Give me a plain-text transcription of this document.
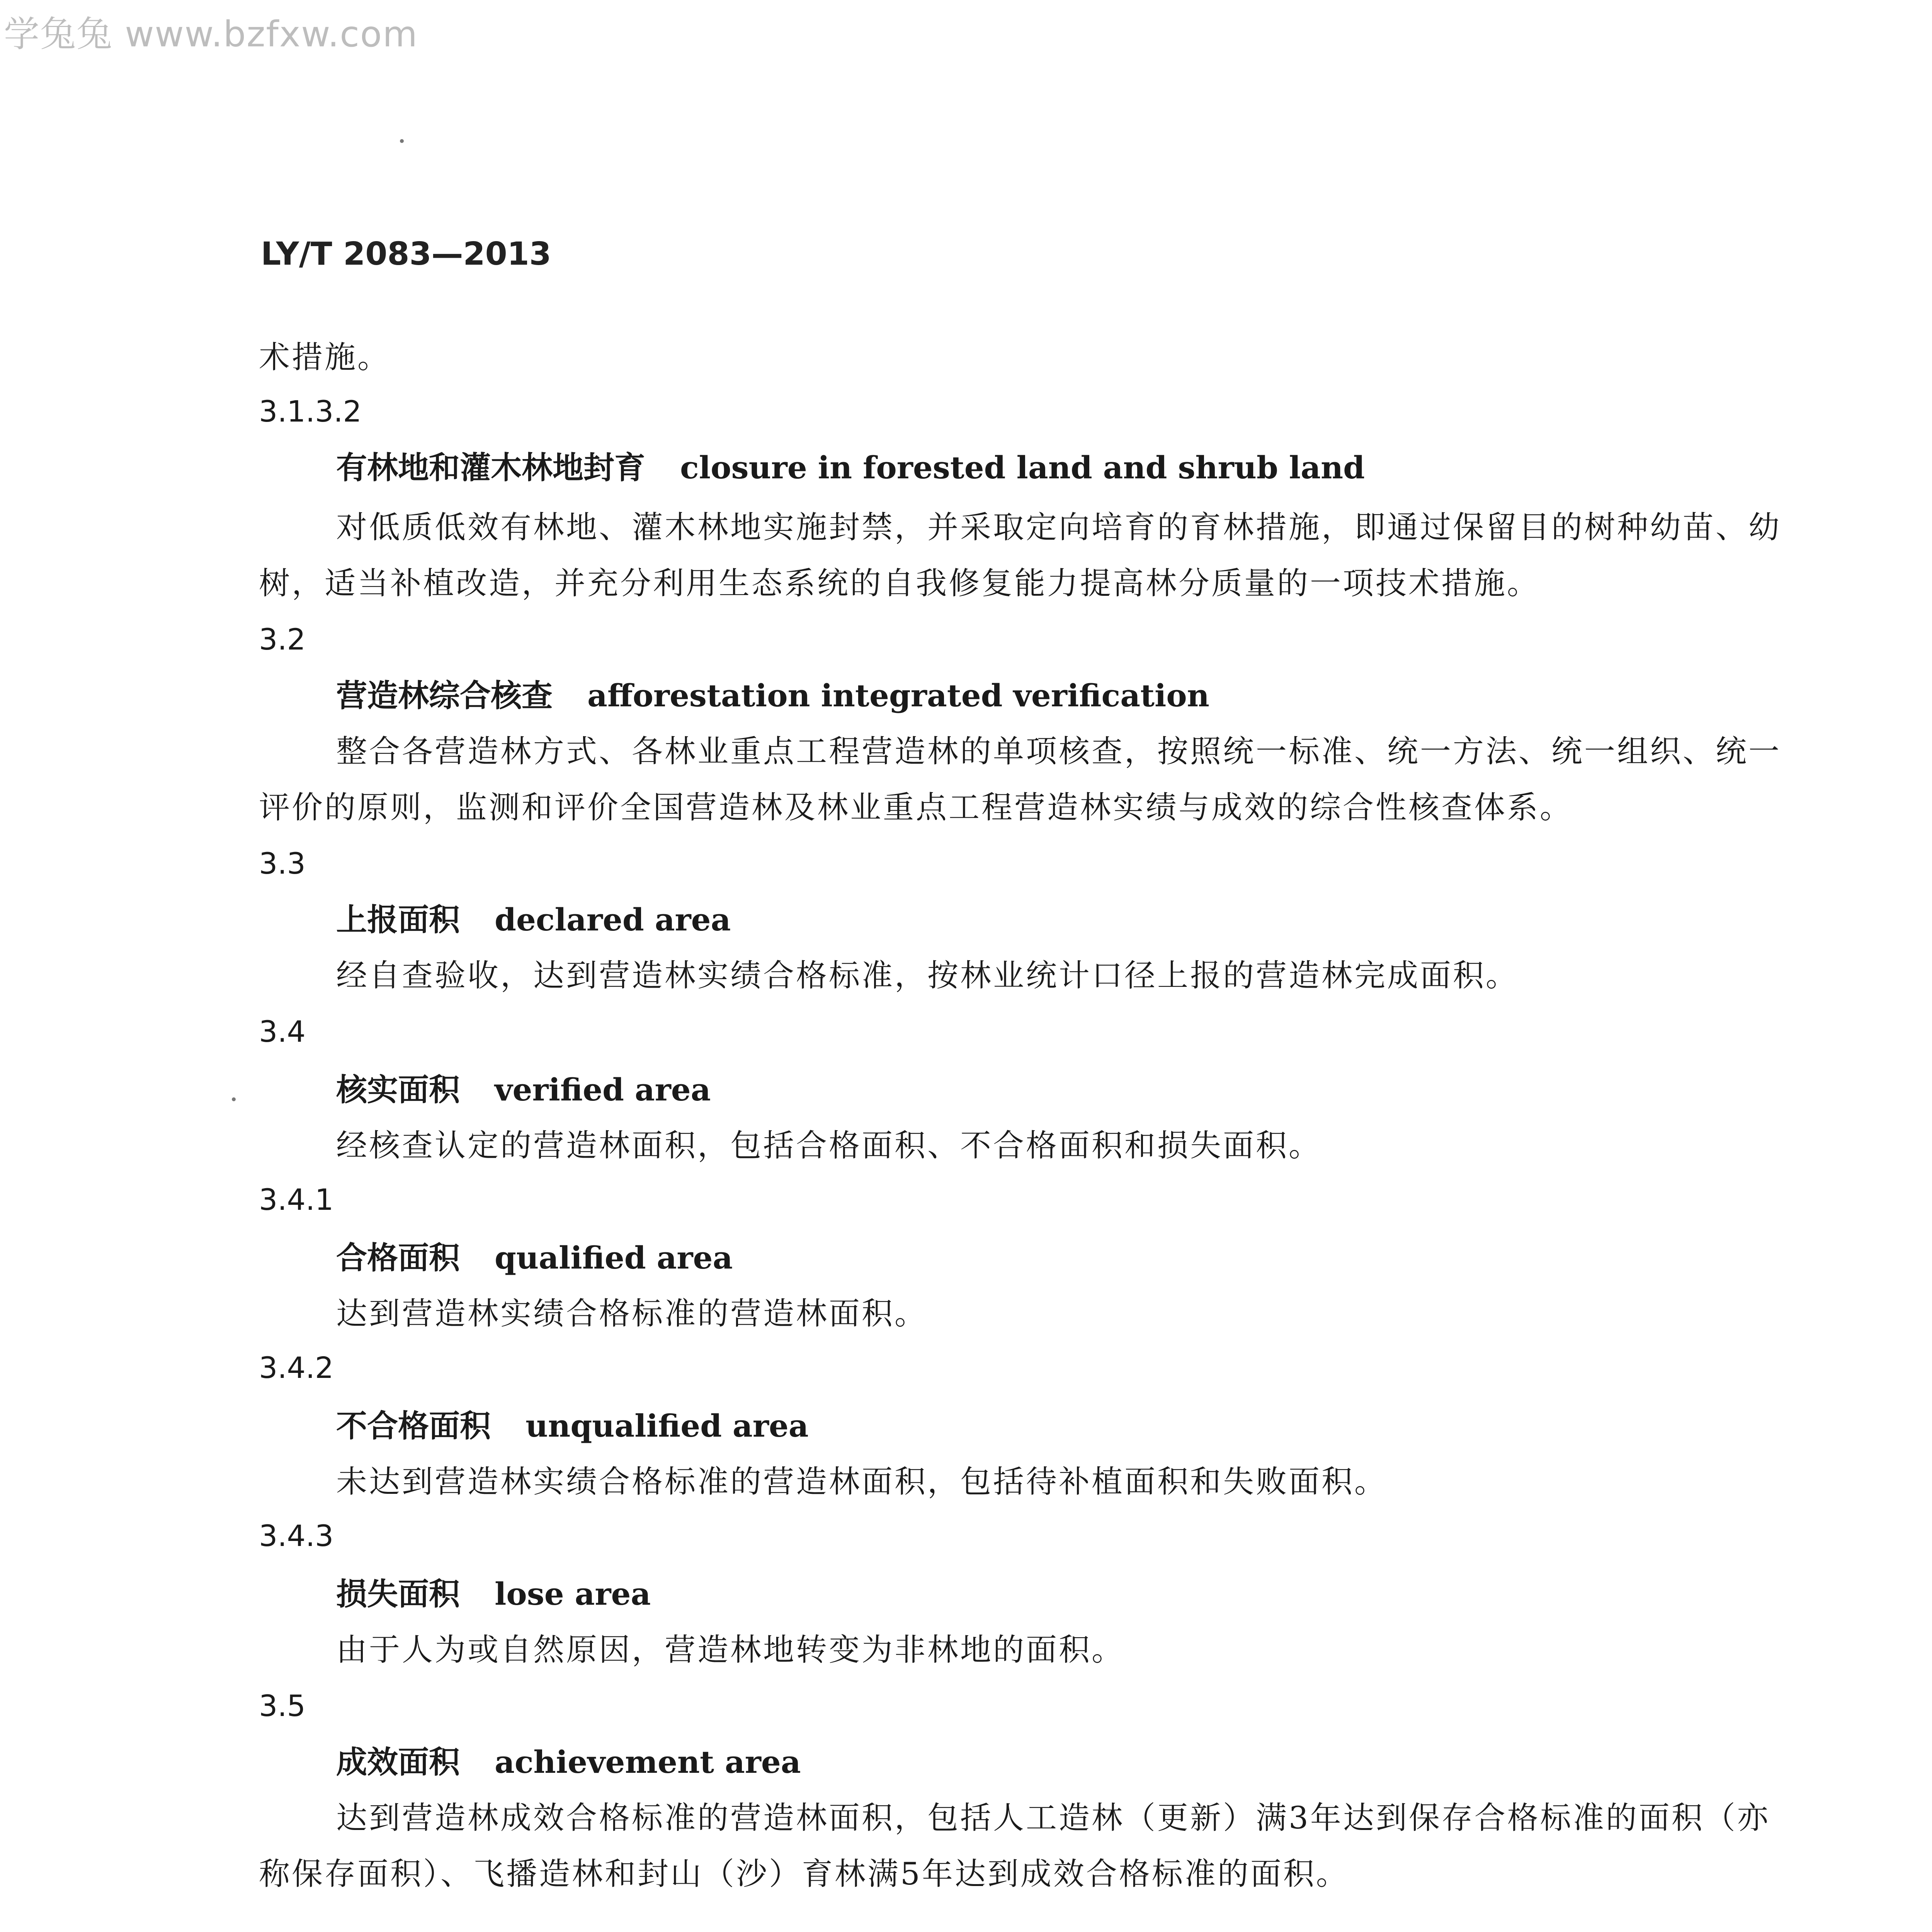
学兔兔 www.bzfxw.com
LY/T 2083—2013
术措施。
3.1.3.2
有林地和灌木林地封育 closure in forested land and shrub land
对低质低效有林地、灌木林地实施封禁，并采取定向培育的育林措施，即通过保留目的树种幼苗、幼
树，适当补植改造，并充分利用生态系统的自我修复能力提高林分质量的一项技术措施。
3.2
营造林综合核查 afforestation integrated verification
整合各营造林方式、各林业重点工程营造林的单项核查，按照统一标准、统一方法、统一组织、统一
评价的原则，监测和评价全国营造林及林业重点工程营造林实绩与成效的综合性核查体系。
3.3
上报面积 declared area
经自查验收，达到营造林实绩合格标准，按林业统计口径上报的营造林完成面积。
3.4
核实面积 verified area
经核查认定的营造林面积，包括合格面积、不合格面积和损失面积。
3.4.1
合格面积 qualified area
达到营造林实绩合格标准的营造林面积。
3.4.2
不合格面积 unqualified area
未达到营造林实绩合格标准的营造林面积，包括待补植面积和失败面积。
3.4.3
损失面积 lose area
由于人为或自然原因，营造林地转变为非林地的面积。
3.5
成效面积 achievement area
达到营造林成效合格标准的营造林面积，包括人工造林（更新）满3年达到保存合格标准的面积（亦
称保存面积）、飞播造林和封山（沙）育林满5年达到成效合格标准的面积。
